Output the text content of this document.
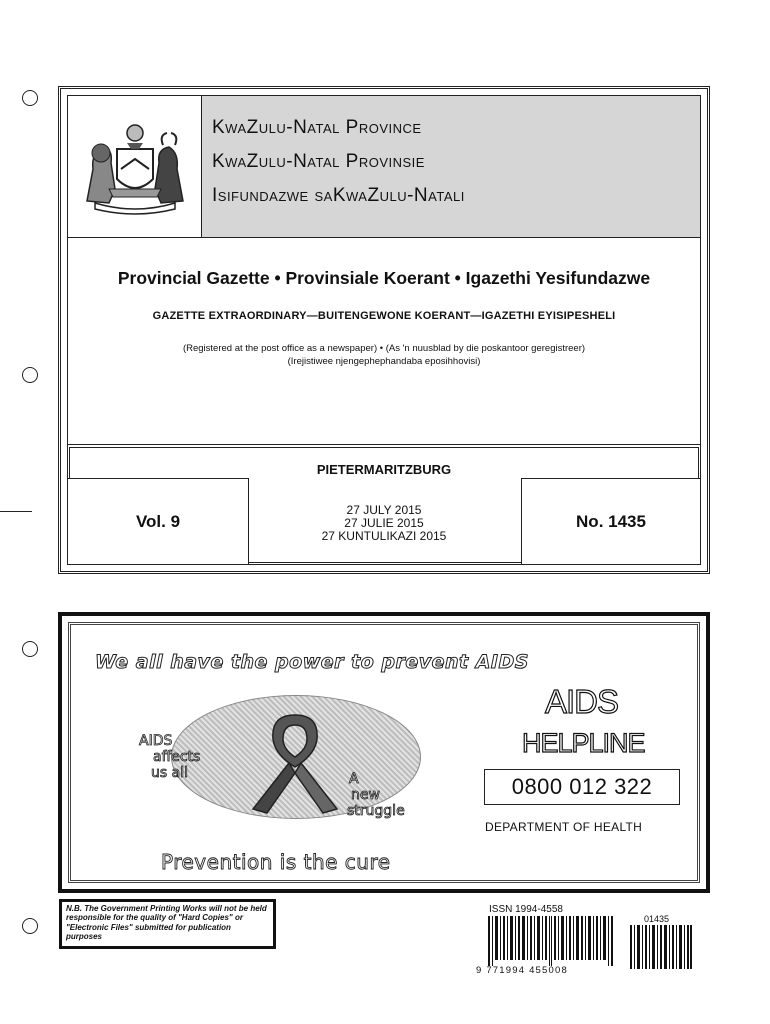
KwaZulu-Natal Province
KwaZulu-Natal Provinsie
Isifundazwe saKwaZulu-Natali
Provincial Gazette • Provinsiale Koerant • Igazethi Yesifundazwe
GAZETTE EXTRAORDINARY—BUITENGEWONE KOERANT—IGAZETHI EYISIPESHELI
(Registered at the post office as a newspaper) • (As 'n nuusblad by die poskantoor geregistreer)
(Irejistiwee njengephephandaba eposihhovisi)
PIETERMARITZBURG
Vol. 9
27 JULY 2015
27 JULIE 2015
27 KUNTULIKAZI 2015
No. 1435
We all have the power to prevent AIDS
AIDS
affects
us all	A
new
struggle
AIDS
HELPLINE
0800 012 322
DEPARTMENT OF HEALTH
Prevention is the cure
N.B. The Government Printing Works will not be held responsible for the quality of "Hard Copies" or "Electronic Files" submitted for publication purposes
ISSN 1994-4558
9 771994 455008
01435
